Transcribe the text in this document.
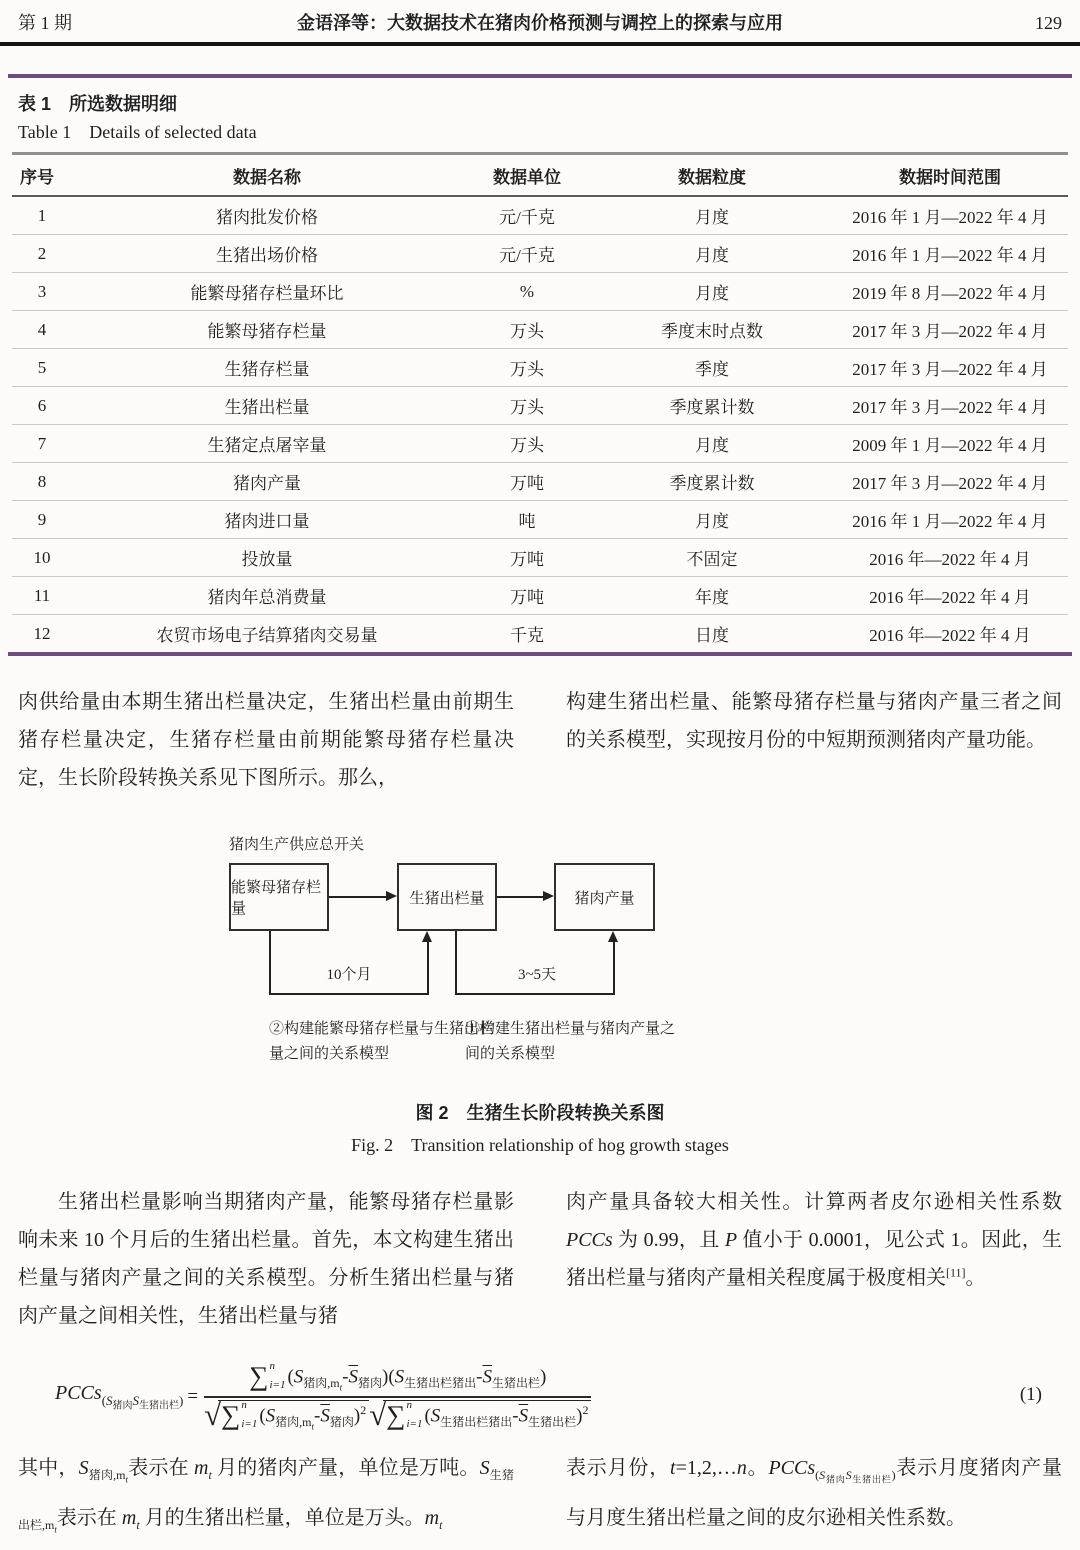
第 1 期	金语泽等：大数据技术在猪肉价格预测与调控上的探索与应用	129
表 1　所选数据明细
Table 1　Details of selected data
序号	数据名称	数据单位	数据粒度	数据时间范围
1	猪肉批发价格	元/千克	月度	2016 年 1 月—2022 年 4 月
2	生猪出场价格	元/千克	月度	2016 年 1 月—2022 年 4 月
3	能繁母猪存栏量环比	%	月度	2019 年 8 月—2022 年 4 月
4	能繁母猪存栏量	万头	季度末时点数	2017 年 3 月—2022 年 4 月
5	生猪存栏量	万头	季度	2017 年 3 月—2022 年 4 月
6	生猪出栏量	万头	季度累计数	2017 年 3 月—2022 年 4 月
7	生猪定点屠宰量	万头	月度	2009 年 1 月—2022 年 4 月
8	猪肉产量	万吨	季度累计数	2017 年 3 月—2022 年 4 月
9	猪肉进口量	吨	月度	2016 年 1 月—2022 年 4 月
10	投放量	万吨	不固定	2016 年—2022 年 4 月
11	猪肉年总消费量	万吨	年度	2016 年—2022 年 4 月
12	农贸市场电子结算猪肉交易量	千克	日度	2016 年—2022 年 4 月
肉供给量由本期生猪出栏量决定，生猪出栏量由前期生猪存栏量决定，生猪存栏量由前期能繁母猪存栏量决定，生长阶段转换关系见下图所示。那么，
构建生猪出栏量、能繁母猪存栏量与猪肉产量三者之间的关系模型，实现按月份的中短期预测猪肉产量功能。
猪肉生产供应总开关
能繁母猪存栏量
生猪出栏量	猪肉产量
10个月	3~5天
②构建能繁母猪存栏量与生猪出栏量之间的关系模型
①构建生猪出栏量与猪肉产量之间的关系模型
图 2　生猪生长阶段转换关系图
Fig. 2　Transition relationship of hog growth stages
生猪出栏量影响当期猪肉产量，能繁母猪存栏量影响未来 10 个月后的生猪出栏量。首先，本文构建生猪出栏量与猪肉产量之间的关系模型。分析生猪出栏量与猪肉产量之间相关性，生猪出栏量与猪
肉产量具备较大相关性。计算两者皮尔逊相关性系数 PCCs 为 0.99，且 P 值小于 0.0001，见公式 1。因此，生猪出栏量与猪肉产量相关程度属于极度相关[11]。
PCCs$_{(S_{猪肉}S_{生猪出栏})}$ = ∑ n
i=1 $(S_{猪肉,m_t}-\overline{S}_{猪肉})(S_{生猪出栏猪出}-\overline{S}_{生猪出栏})$
√ ∑ n
i=1 $(S_{猪肉,m_t}-\overline{S}_{猪肉})^2√$ ∑ n
i=1 $(S_{生猪出栏猪出}-\overline{S}_{生猪出栏})^2$	(1)
其中，$S_{猪肉,m_t}$表示在 $m_t$ 月的猪肉产量，单位是万吨。$S_{生猪出栏,m_t}$表示在 $m_t$ 月的生猪出栏量，单位是万头。$m_t$
表示月份，t=1,2,…n。PCCs$_{(S_{猪肉}S_{生猪出栏})}$表示月度猪肉产量与月度生猪出栏量之间的皮尔逊相关性系数。
